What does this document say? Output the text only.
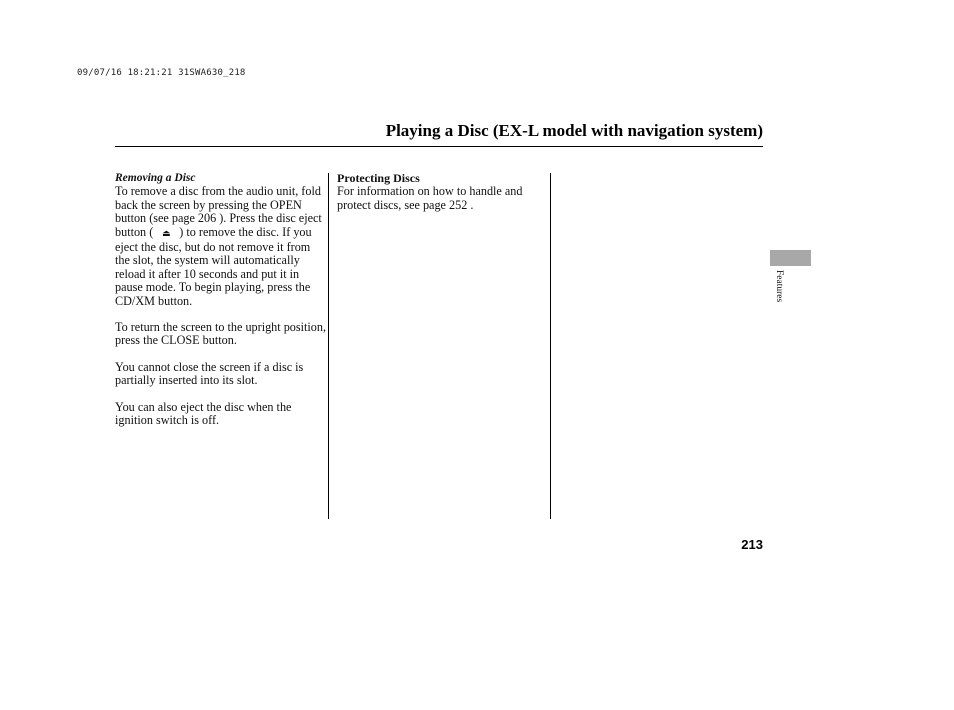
09/07/16 18:21:21 31SWA630_218
Playing a Disc (EX-L model with navigation system)
Removing a Disc

To remove a disc from the audio unit, fold back the screen by pressing the OPEN button (see page 206 ). Press the disc eject button ( ⏏ ) to remove the disc. If you eject the disc, but do not remove it from the slot, the system will automatically reload it after 10 seconds and put it in pause mode. To begin playing, press the CD/XM button.

To return the screen to the upright position, press the CLOSE button.

You cannot close the screen if a disc is partially inserted into its slot.

You can also eject the disc when the ignition switch is off.

Protecting Discs

For information on how to handle and protect discs, see page 252 .

Features
213
